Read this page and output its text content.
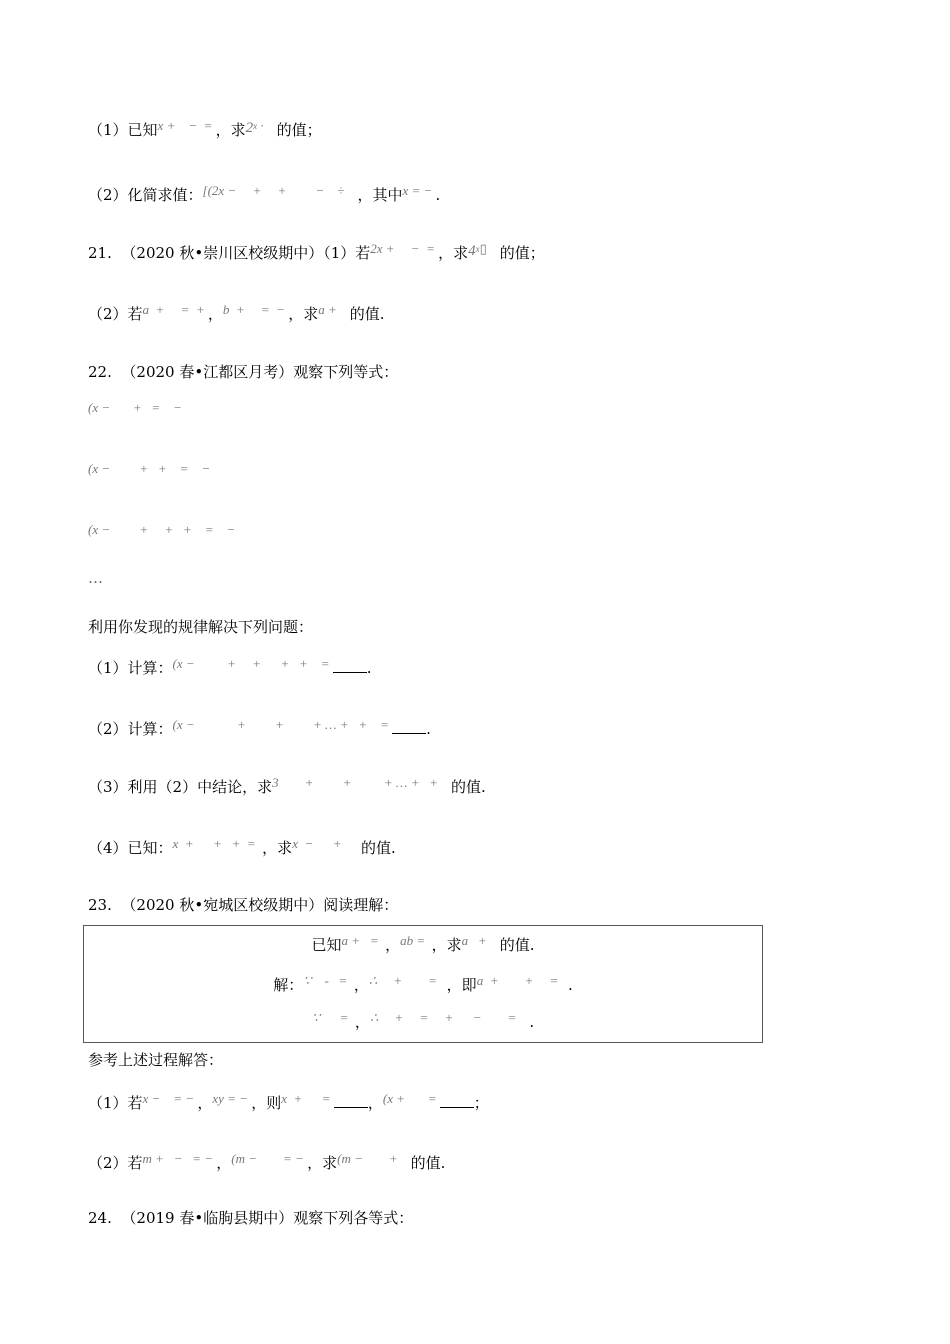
（1）已知x +    −  = ，求$2^x$ ·    的值；
（2）化简求值：[(2x −     +     +         −    ÷    ，其中x = − .
21. （2020 秋•崇川区校级期中）（1）若2x +     −  = ，求4$^x$▯    的值；
（2）若a  +     =  + ，b  +     =  − ，求a +    的值.
22. （2020 春•江都区月考）观察下列等式：
(x −       +   =    −
(x −         +   +    =    −
(x −         +     +   +    =    −
…
利用你发现的规律解决下列问题：
（1）计算：(x −          +     +      +   +    = .
（2）计算：(x −             +         +         + … +   +    = .
（3）利用（2）中结论，求3        +         +          + … +   +    的值.
（4）已知：x  +      +   +  =  ，求x  −      +      的值.
23. （2020 秋•宛城区校级期中）阅读理解：
已知a +   =  ，ab =  ，求a   +    的值.
解：∵    ‐   =  ，∴     +        =   ，即a  +        +     =   .
∵      =  ，∴     +     =     +      −        =    .
参考上述过程解答：
（1）若x −    = − ，xy = − ，则x  +      = ，(x +       = ；
（2）若m +   −   = − ，(m −        = − ，求(m −        +    的值.
24. （2019 春•临朐县期中）观察下列各等式：
